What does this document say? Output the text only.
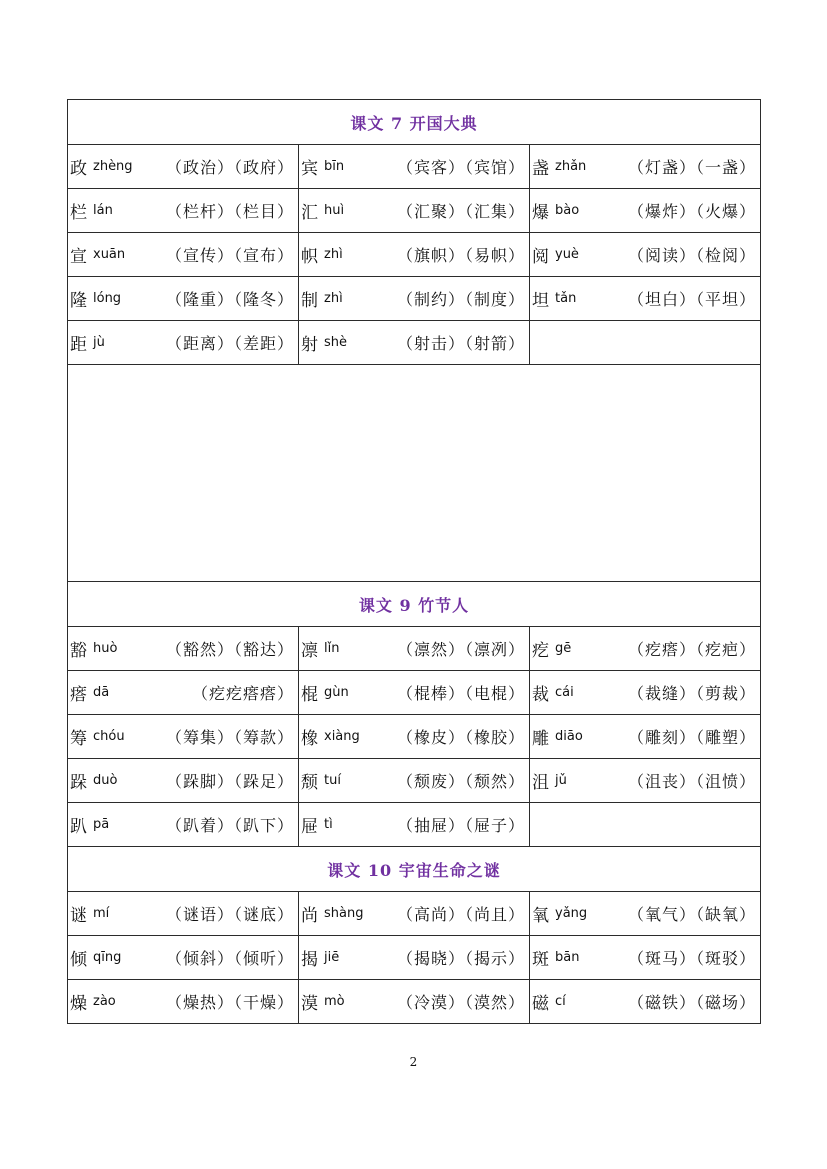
课文 7 开国大典		

政 zhèng （政治）（政府）	宾 bīn （宾客）（宾馆）	盏 zhǎn （灯盏）（一盏）

栏 lán （栏杆）（栏目）	汇 huì （汇聚）（汇集）	爆 bào （爆炸）（火爆）

宣 xuān （宣传）（宣布）	帜 zhì （旗帜）（易帜）	阅 yuè （阅读）（检阅）

隆 lóng （隆重）（隆冬）	制 zhì （制约）（制度）	坦 tǎn （坦白）（平坦）

距 jù （距离）（差距）	射 shè （射击）（射箭）	

课文 9 竹节人		

豁 huò （豁然）（豁达）	凛 lǐn （凛然）（凛冽）	疙 gē （疙瘩）（疙疤）

瘩 dā （疙疙瘩瘩）	棍 gùn （棍棒）（电棍）	裁 cái （裁缝）（剪裁）

筹 chóu （筹集）（筹款）	橡 xiàng （橡皮）（橡胶）	雕 diāo （雕刻）（雕塑）

跺 duò （跺脚）（跺足）	颓 tuí （颓废）（颓然）	沮 jǔ （沮丧）（沮愤）

趴 pā （趴着）（趴下）	屉 tì （抽屉）（屉子）	

课文 10 宇宙生命之谜		

谜 mí （谜语）（谜底）	尚 shàng （高尚）（尚且）	氧 yǎng （氧气）（缺氧）

倾 qīng （倾斜）（倾听）	揭 jiē （揭晓）（揭示）	斑 bān （斑马）（斑驳）

燥 zào （燥热）（干燥）	漠 mò （冷漠）（漠然）	磁 cí （磁铁）（磁场）
2
